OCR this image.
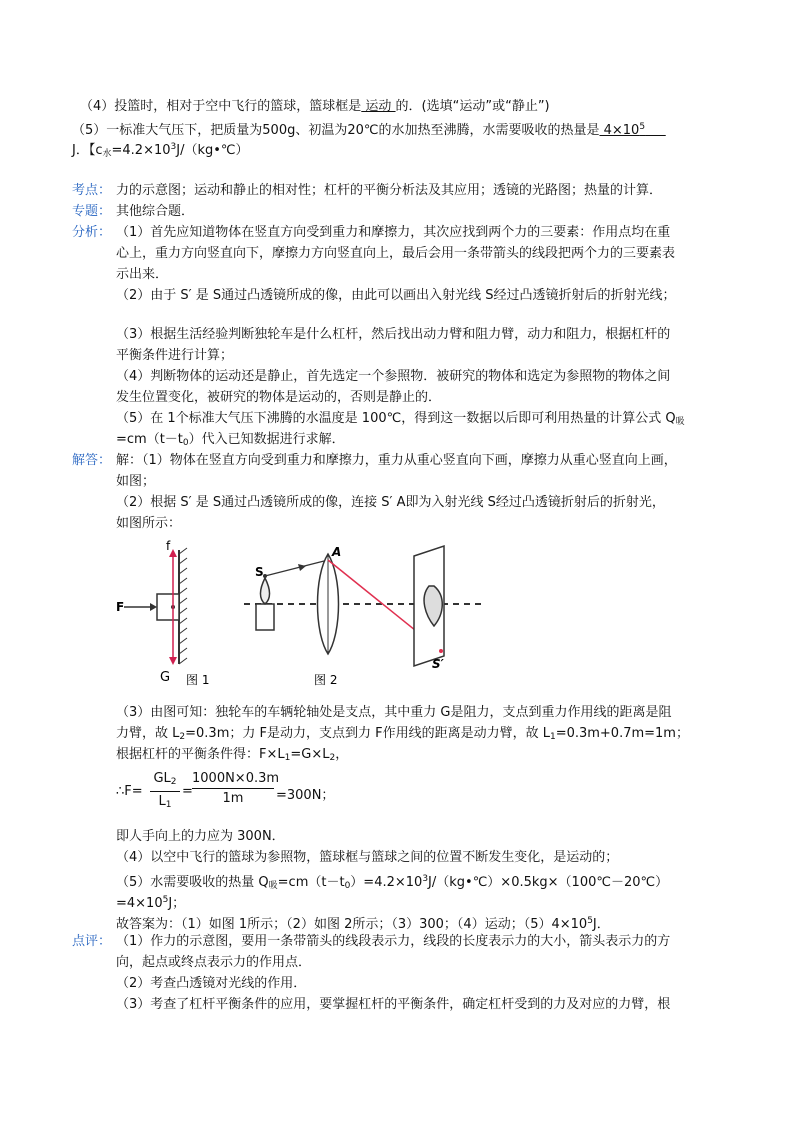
（4）投篮时，相对于空中飞行的篮球，篮球框是 运动 的．(选填“运动”或“静止”)
（5）一标准大气压下，把质量为500g、初温为20℃的水加热至沸腾，水需要吸收的热量是 $4\times 10^5$
J．【$c_水=4.2\times 10^3J/(kg•℃)$
考点： 力的示意图；运动和静止的相对性；杠杆的平衡分析法及其应用；透镜的光路图；热量的计算．
专题： 其他综合题．
分析： （1）首先应知道物体在竖直方向受到重力和摩擦力，其次应找到两个力的三要素：作用点均在重
心上，重力方向竖直向下，摩擦力方向竖直向上，最后会用一条带箭头的线段把两个力的三要素表
示出来．
（2）由于 S′ 是 S通过凸透镜所成的像，由此可以画出入射光线 S经过凸透镜折射后的折射光线；
（3）根据生活经验判断独轮车是什么杠杆，然后找出动力臂和阻力臂，动力和阻力，根据杠杆的
平衡条件进行计算；
（4）判断物体的运动还是静止，首先选定一个参照物．被研究的物体和选定为参照物的物体之间
发生位置变化，被研究的物体是运动的，否则是静止的．
（5）在 1个标准大气压下沸腾的水温度是 100℃，得到这一数据以后即可利用热量的计算公式 $Q_吸$
$=cm(t-t_0)$代入已知数据进行求解．
解答： 解：（1）物体在竖直方向受到重力和摩擦力，重力从重心竖直向下画，摩擦力从重心竖直向上画，
如图；
（2）根据 S′ 是 S通过凸透镜所成的像，连接 S′ A即为入射光线 S经过凸透镜折射后的折射光，
如图所示：
F
f
G 图 1
S
A
S′
图 2
（3）由图可知：独轮车的车辆轮轴处是支点，其中重力 G是阻力，支点到重力作用线的距离是阻
力臂，故 $L_2=0.3m$；力 F是动力，支点到力 F作用线的距离是动力臂，故 $L_1=0.3m+0.7m=1m$；
根据杠杆的平衡条件得：$F\times L_1=G\times L_2$，
∴F= $\frac{GL_2}{L_1} = \frac{1000N\times 0.3m}{1m} =300N$；
即人手向上的力应为 300N．
（4）以空中飞行的篮球为参照物，篮球框与篮球之间的位置不断发生变化，是运动的；
（5）水需要吸收的热量 $Q_吸=cm(t-t_0)=4.2\times 10^3J/(kg•℃)\times 0.5kg\times(100℃-20℃)$
$=4\times 10^5J$；
故答案为：（1）如图 1所示；（2）如图 2所示；（3）300；（4）运动；$(5)4\times 10^5J$．
点评： （1）作力的示意图，要用一条带箭头的线段表示力，线段的长度表示力的大小，箭头表示力的方
向，起点或终点表示力的作用点．
（2）考查凸透镜对光线的作用．
（3）考查了杠杆平衡条件的应用，要掌握杠杆的平衡条件，确定杠杆受到的力及对应的力臂，根
